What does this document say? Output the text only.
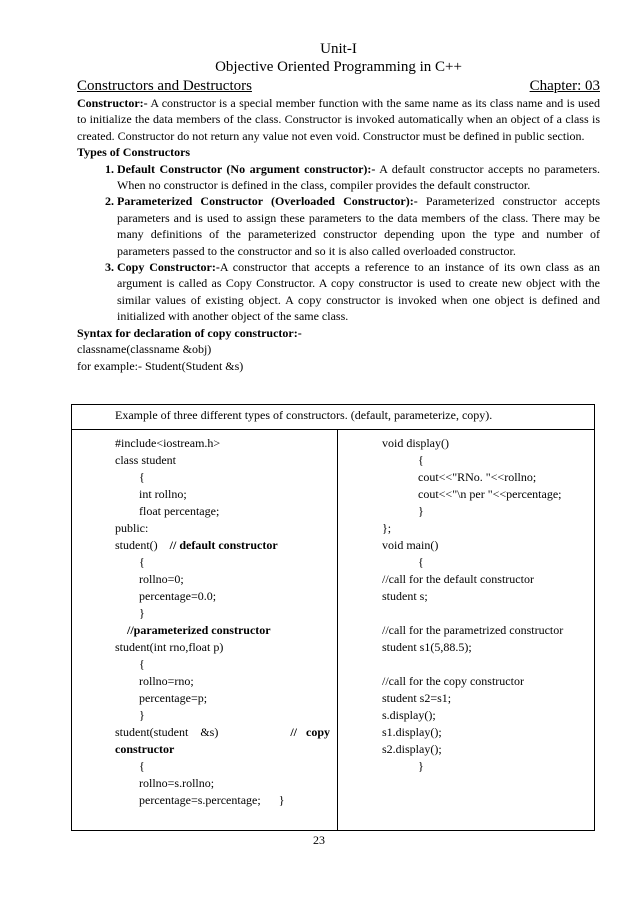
Unit-I
Objective Oriented Programming in C++
Constructors and Destructors	Chapter: 03

Constructor:- A constructor is a special member function with the same name as its class name and is used to initialize the data members of the class. Constructor is invoked automatically when an object of a class is created. Constructor do not return any value not even void. Constructor must be defined in public section.

Types of Constructors
1. Default Constructor (No argument constructor):- A default constructor accepts no parameters. When no constructor is defined in the class, compiler provides the default constructor.
2. Parameterized Constructor (Overloaded Constructor):- Parameterized constructor accepts parameters and is used to assign these parameters to the data members of the class. There may be many definitions of the parameterized constructor depending upon the type and number of parameters passed to the constructor and so it is also called overloaded constructor.
3. Copy Constructor:-A constructor that accepts a reference to an instance of its own class as an argument is called as Copy Constructor. A copy constructor is used to create new object with the similar values of existing object. A copy constructor is invoked when one object is defined and initialized with another object of the same class.
Syntax for declaration of copy constructor:-
classname(classname &obj)
for example:- Student(Student &s)
Example of three different types of constructors. (default, parameterize, copy).
#include<iostream.h>
class student
{
int rollno;
float percentage;
public:
student()    // default constructor
{
rollno=0;
percentage=0.0;
}
//parameterized constructor
student(int rno,float p)
{
rollno=rno;
percentage=p;
}
student(student    &s)	//   copy
constructor
{
rollno=s.rollno;
percentage=s.percentage;      }
void display()
{
cout<<"RNo. "<<rollno;
cout<<"\n per "<<percentage;
}
};
void main()
{
//call for the default constructor
student s;
//call for the parametrized constructor
student s1(5,88.5);
//call for the copy constructor
student s2=s1;
s.display();
s1.display();
s2.display();
}
23
